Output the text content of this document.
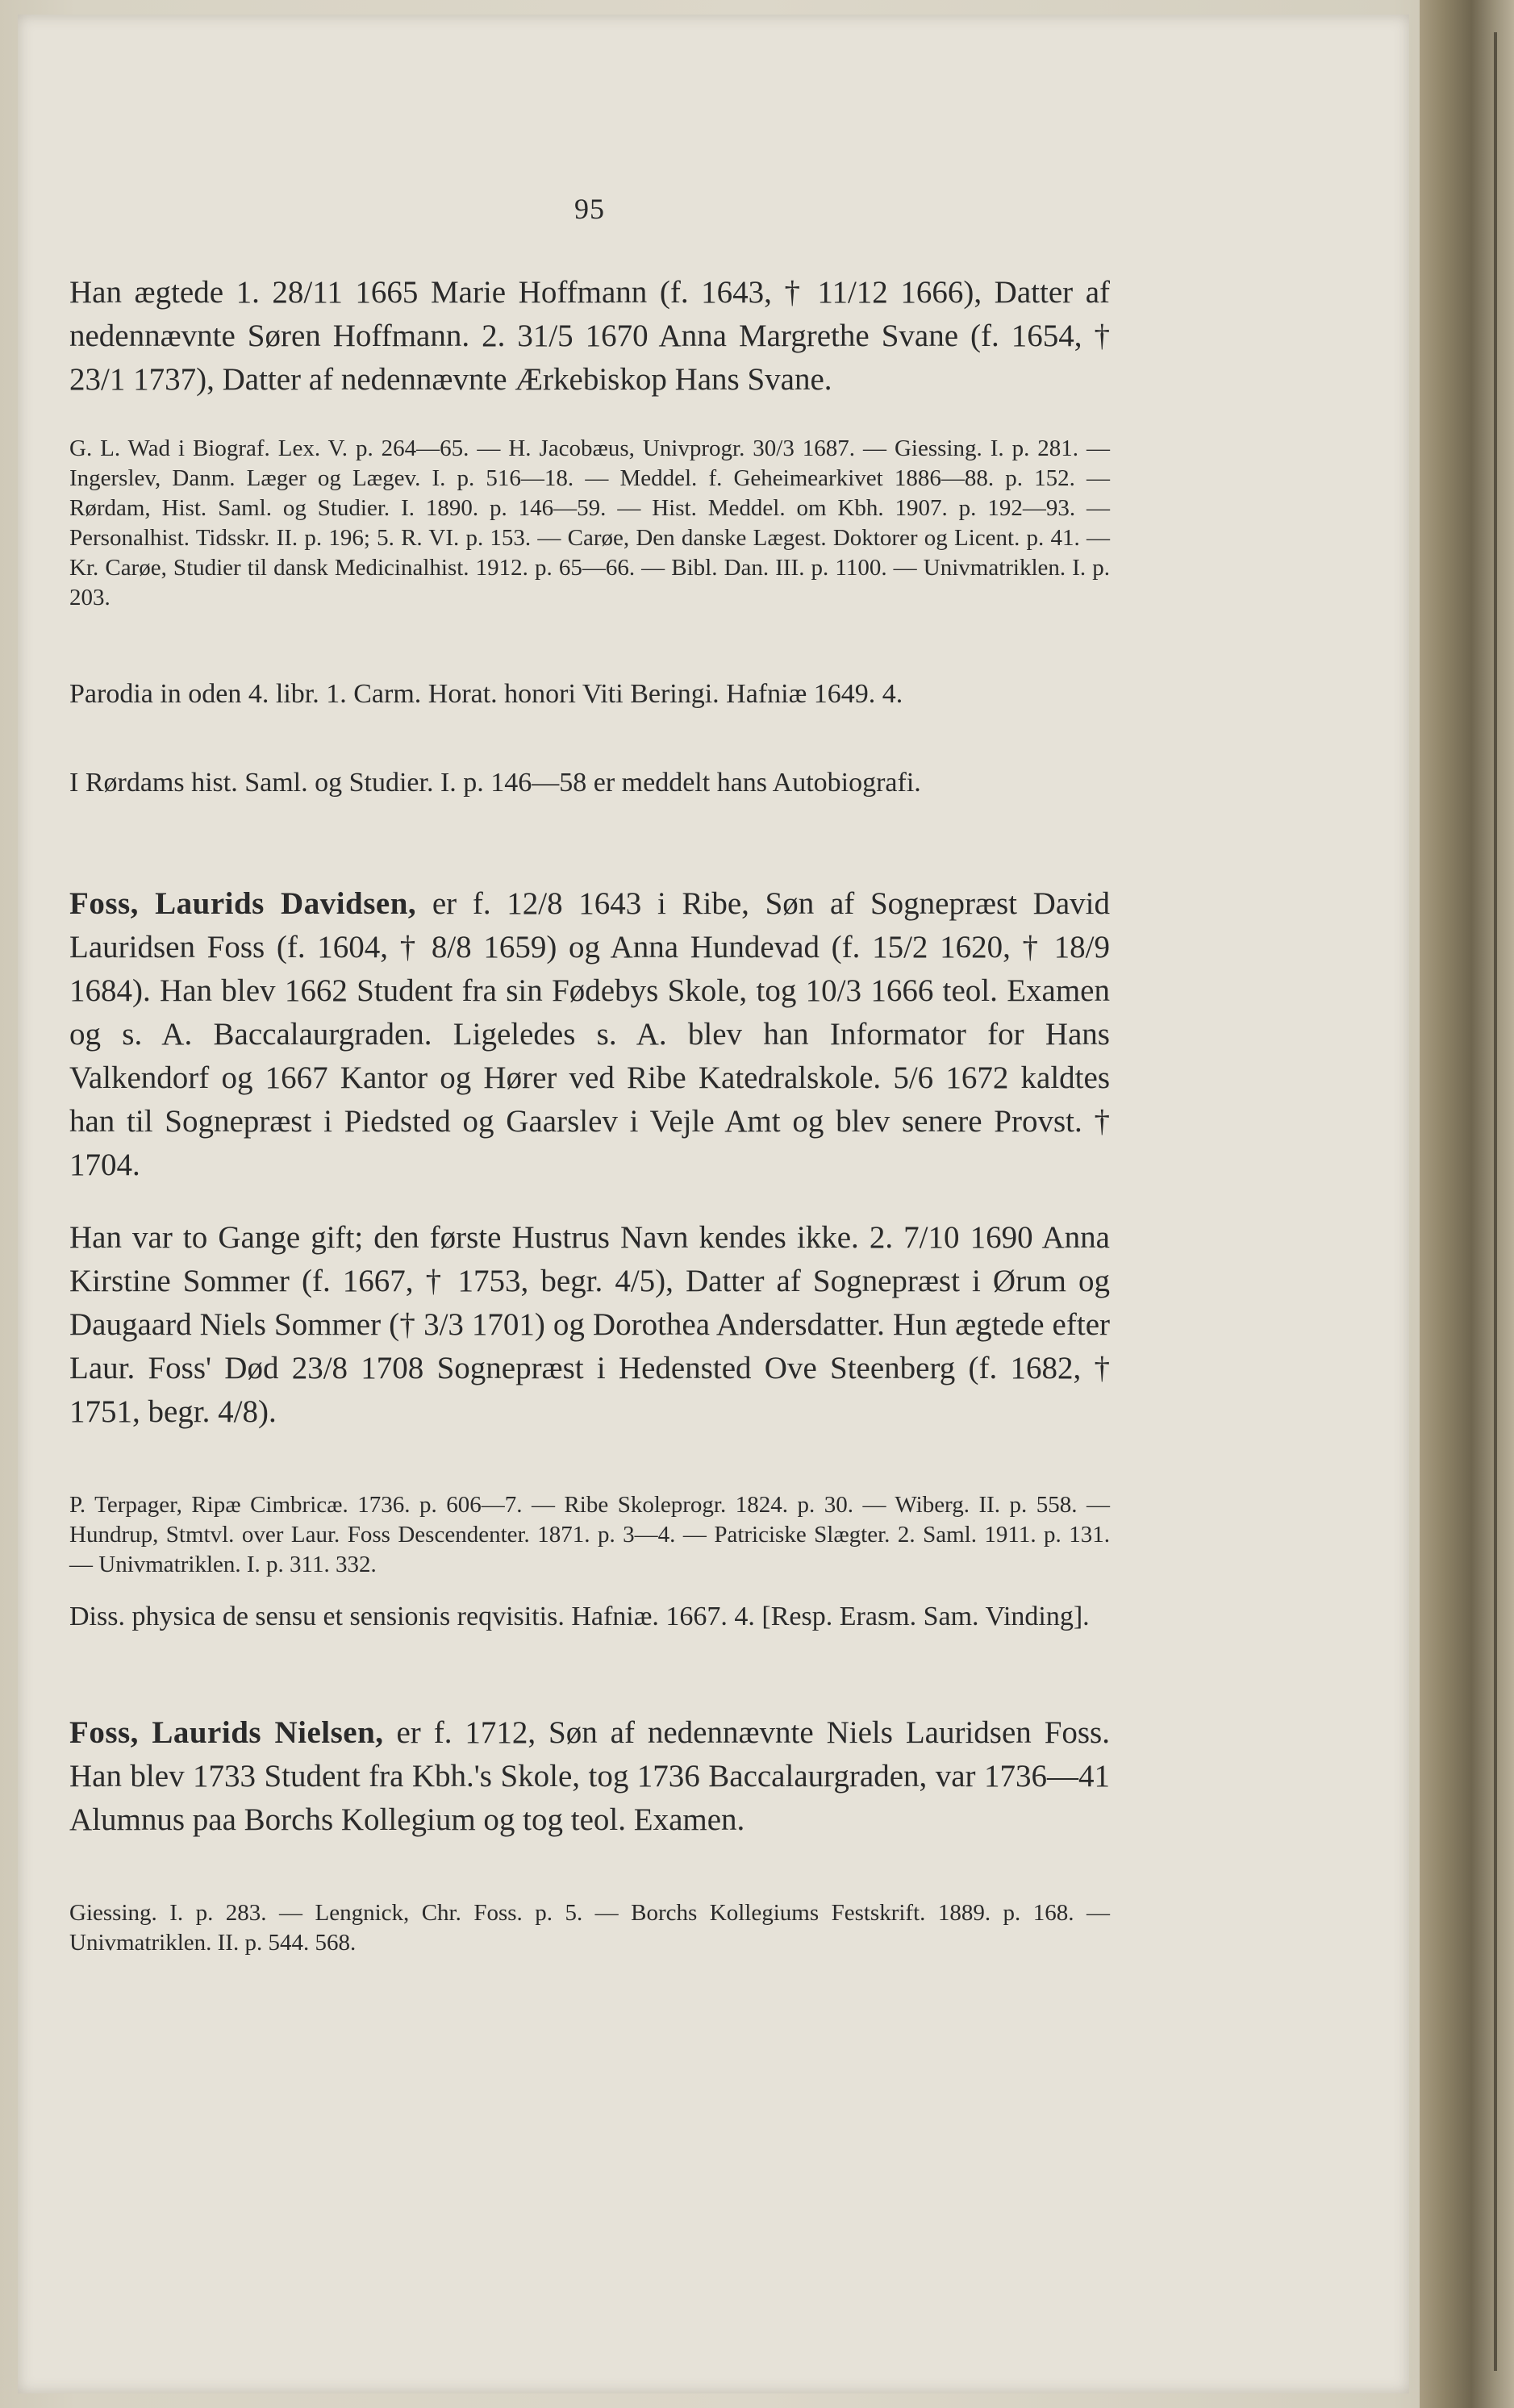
95
Han ægtede 1. 28/11 1665 Marie Hoffmann (f. 1643, † 11/12 1666), Datter af nedennævnte Søren Hoffmann. 2. 31/5 1670 Anna Margrethe Svane (f. 1654, † 23/1 1737), Datter af nedennævnte Ærkebiskop Hans Svane.
G. L. Wad i Biograf. Lex. V. p. 264—65. — H. Jacobæus, Univprogr. 30/3 1687. — Giessing. I. p. 281. — Ingerslev, Danm. Læger og Lægev. I. p. 516—18. — Meddel. f. Geheimearkivet 1886—88. p. 152. — Rørdam, Hist. Saml. og Studier. I. 1890. p. 146—59. — Hist. Meddel. om Kbh. 1907. p. 192—93. — Personalhist. Tidsskr. II. p. 196; 5. R. VI. p. 153. — Carøe, Den danske Lægest. Doktorer og Licent. p. 41. — Kr. Carøe, Studier til dansk Medicinalhist. 1912. p. 65—66. — Bibl. Dan. III. p. 1100. — Univmatriklen. I. p. 203.
Parodia in oden 4. libr. 1. Carm. Horat. honori Viti Beringi. Hafniæ 1649. 4.
I Rørdams hist. Saml. og Studier. I. p. 146—58 er meddelt hans Autobiografi.
Foss, Laurids Davidsen, er f. 12/8 1643 i Ribe, Søn af Sognepræst David Lauridsen Foss (f. 1604, † 8/8 1659) og Anna Hundevad (f. 15/2 1620, † 18/9 1684). Han blev 1662 Student fra sin Fødebys Skole, tog 10/3 1666 teol. Examen og s. A. Baccalaurgraden. Ligeledes s. A. blev han Informator for Hans Valkendorf og 1667 Kantor og Hører ved Ribe Katedralskole. 5/6 1672 kaldtes han til Sognepræst i Piedsted og Gaarslev i Vejle Amt og blev senere Provst. † 1704.
Han var to Gange gift; den første Hustrus Navn kendes ikke. 2. 7/10 1690 Anna Kirstine Sommer (f. 1667, † 1753, begr. 4/5), Datter af Sognepræst i Ørum og Daugaard Niels Sommer († 3/3 1701) og Dorothea Andersdatter. Hun ægtede efter Laur. Foss' Død 23/8 1708 Sognepræst i Hedensted Ove Steenberg (f. 1682, † 1751, begr. 4/8).
P. Terpager, Ripæ Cimbricæ. 1736. p. 606—7. — Ribe Skoleprogr. 1824. p. 30. — Wiberg. II. p. 558. — Hundrup, Stmtvl. over Laur. Foss Descendenter. 1871. p. 3—4. — Patriciske Slægter. 2. Saml. 1911. p. 131. — Univmatriklen. I. p. 311. 332.
Diss. physica de sensu et sensionis reqvisitis. Hafniæ. 1667. 4. [Resp. Erasm. Sam. Vinding].
Foss, Laurids Nielsen, er f. 1712, Søn af nedennævnte Niels Lauridsen Foss. Han blev 1733 Student fra Kbh.'s Skole, tog 1736 Baccalaurgraden, var 1736—41 Alumnus paa Borchs Kollegium og tog teol. Examen.
Giessing. I. p. 283. — Lengnick, Chr. Foss. p. 5. — Borchs Kollegiums Festskrift. 1889. p. 168. — Univmatriklen. II. p. 544. 568.
